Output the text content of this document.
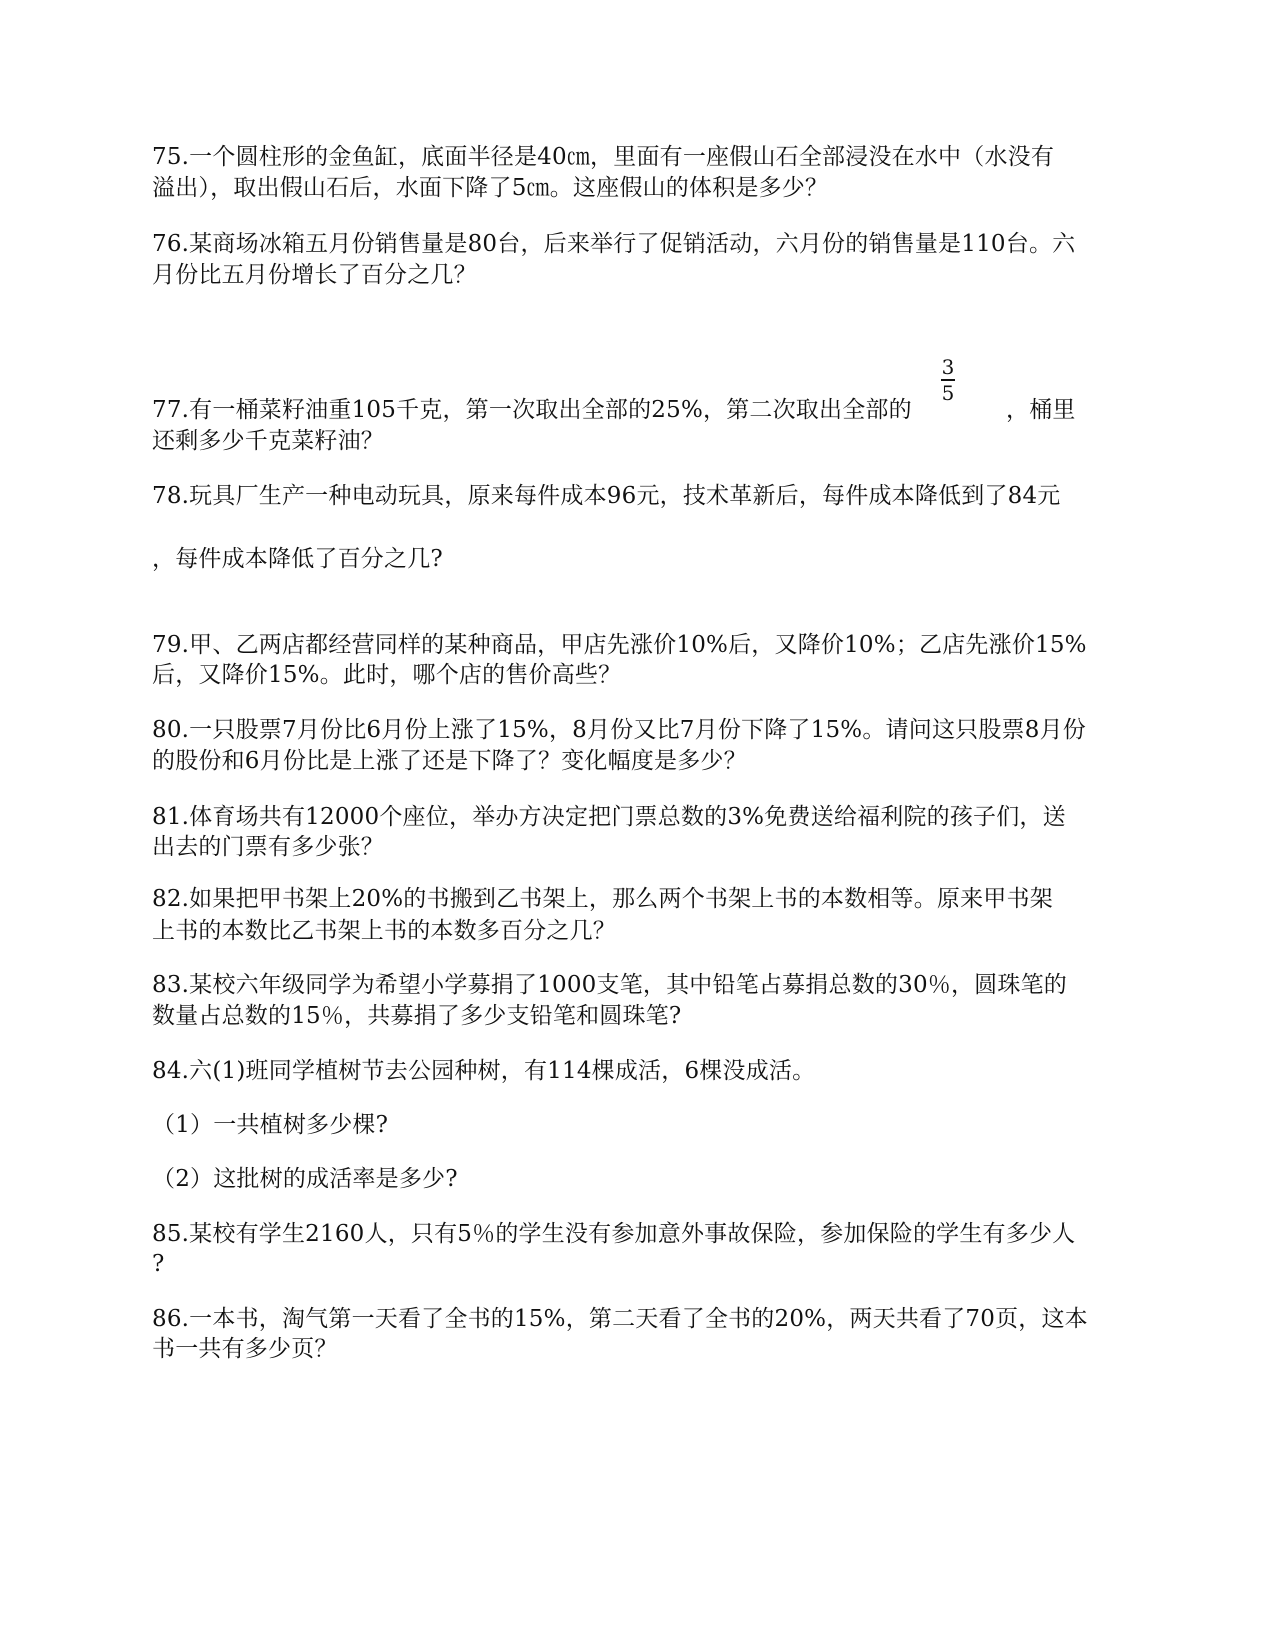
75.一个圆柱形的金鱼缸，底面半径是40㎝，里面有一座假山石全部浸没在水中（水没有
溢出），取出假山石后，水面下降了5㎝。这座假山的体积是多少？
76.某商场冰箱五月份销售量是80台，后来举行了促销活动，六月份的销售量是110台。六
月份比五月份增长了百分之几？
77.有一桶菜籽油重105千克，第一次取出全部的25%，第二次取出全部的
3
5
，桶里
还剩多少千克菜籽油？
78.玩具厂生产一种电动玩具，原来每件成本96元，技术革新后，每件成本降低到了84元
，每件成本降低了百分之几?
79.甲、乙两店都经营同样的某种商品，甲店先涨价10%后，又降价10%；乙店先涨价15%
后，又降价15%。此时，哪个店的售价高些？
80.一只股票7月份比6月份上涨了15%，8月份又比7月份下降了15%。请问这只股票8月份
的股份和6月份比是上涨了还是下降了？变化幅度是多少？
81.体育场共有12000个座位，举办方决定把门票总数的3%免费送给福利院的孩子们，送
出去的门票有多少张？
82.如果把甲书架上20%的书搬到乙书架上，那么两个书架上书的本数相等。原来甲书架
上书的本数比乙书架上书的本数多百分之几？
83.某校六年级同学为希望小学募捐了1000支笔，其中铅笔占募捐总数的30％，圆珠笔的
数量占总数的15％，共募捐了多少支铅笔和圆珠笔?
84.六(1)班同学植树节去公园种树，有114棵成活，6棵没成活。
（1）一共植树多少棵?
（2）这批树的成活率是多少?
85.某校有学生2160人，只有5％的学生没有参加意外事故保险，参加保险的学生有多少人
?
86.一本书，淘气第一天看了全书的15%，第二天看了全书的20%，两天共看了70页，这本
书一共有多少页？
